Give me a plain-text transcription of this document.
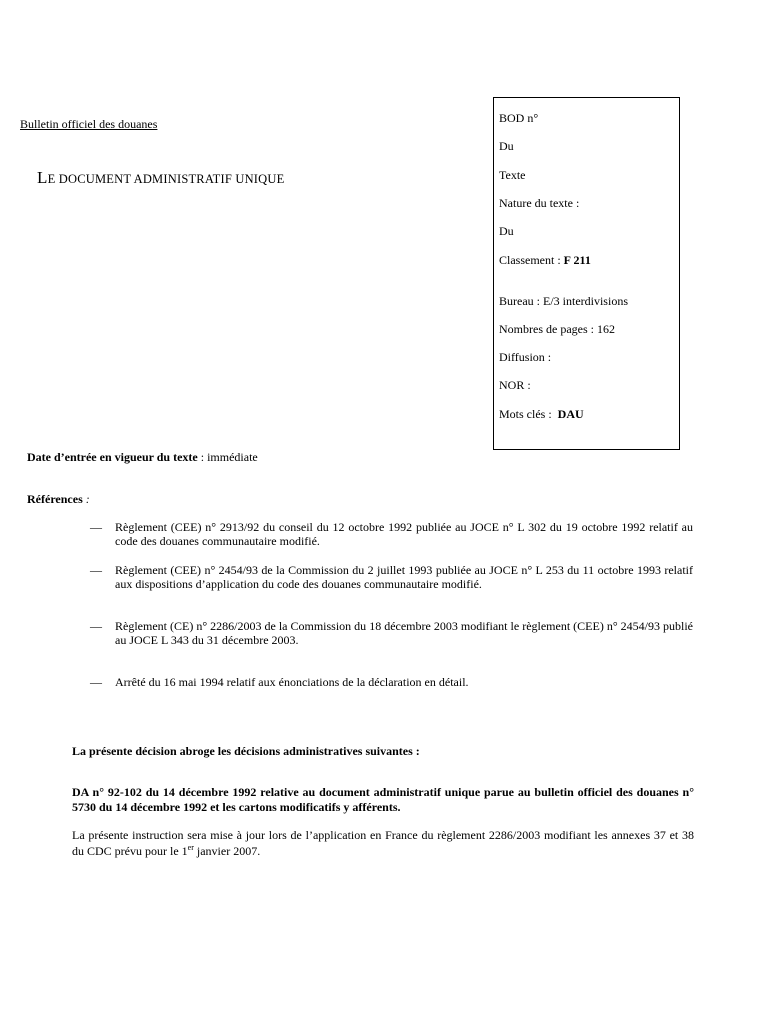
Bulletin officiel des douanes
LE DOCUMENT ADMINISTRATIF UNIQUE
BOD n°
Du
Texte
Nature du texte :
Du
Classement : F 211
Bureau : E/3 interdivisions
Nombres de pages : 162
Diffusion :
NOR :
Mots clés : DAU
Date d’entrée en vigueur du texte : immédiate
Références :
— Règlement (CEE) n° 2913/92 du conseil du 12 octobre 1992 publiée au JOCE n° L 302 du 19 octobre 1992 relatif au code des douanes communautaire modifié.
— Règlement (CEE) n° 2454/93 de la Commission du 2 juillet 1993 publiée au JOCE n° L 253 du 11 octobre 1993 relatif aux dispositions d’application du code des douanes communautaire modifié.
— Règlement (CE) n° 2286/2003 de la Commission du 18 décembre 2003 modifiant le règlement (CEE) n° 2454/93 publié au JOCE L 343 du 31 décembre 2003.
— Arrêté du 16 mai 1994 relatif aux énonciations de la déclaration en détail.
La présente décision abroge les décisions administratives suivantes :
DA n° 92-102 du 14 décembre 1992 relative au document administratif unique parue au bulletin officiel des douanes n° 5730 du 14 décembre 1992 et les cartons modificatifs y afférents.
La présente instruction sera mise à jour lors de l’application en France du règlement 2286/2003 modifiant les annexes 37 et 38 du CDC prévu pour le 1er janvier 2007.
